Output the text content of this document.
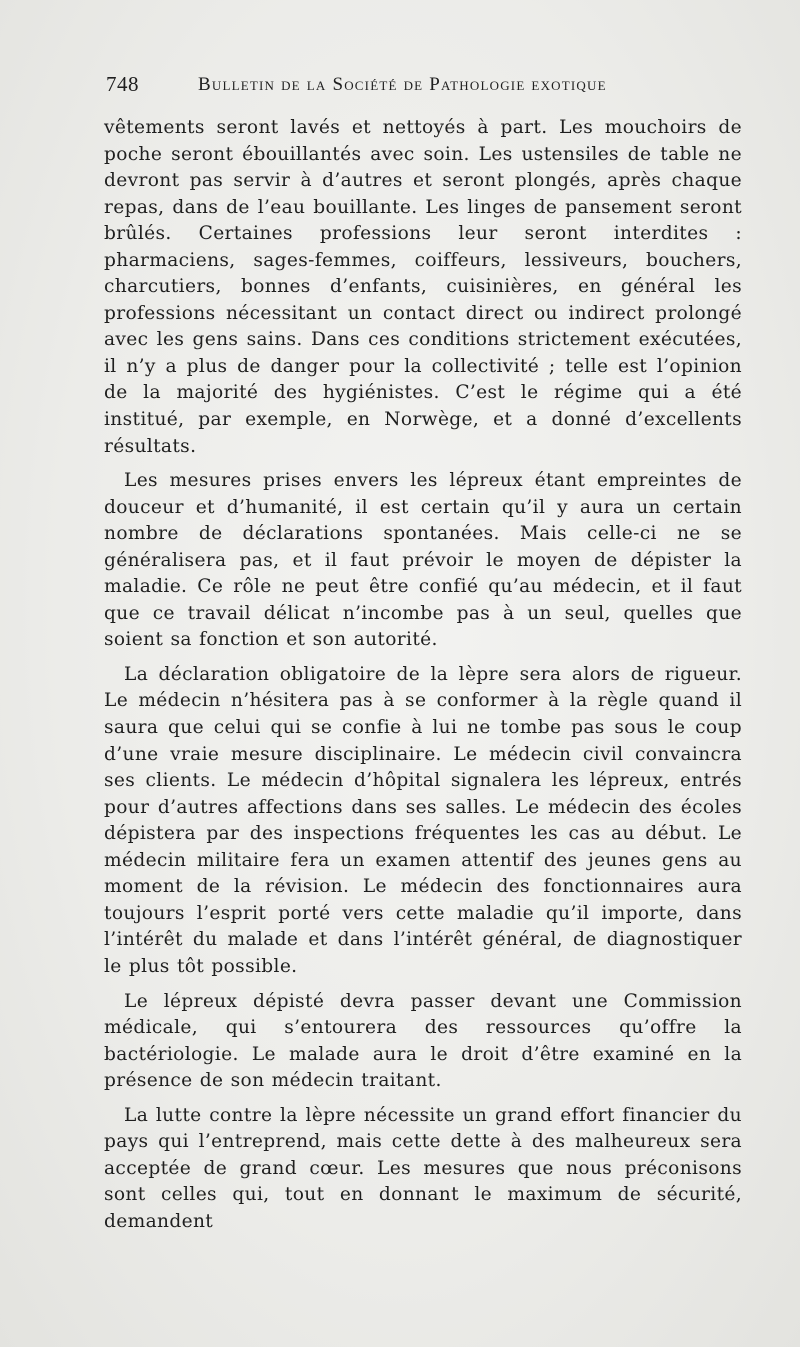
748	Bulletin de la Société de Pathologie exotique

vêtements seront lavés et nettoyés à part. Les mouchoirs de poche seront ébouillantés avec soin. Les ustensiles de table ne devront pas servir à d’autres et seront plongés, après chaque repas, dans de l’eau bouillante. Les linges de pansement seront brûlés. Certaines professions leur seront interdites : pharmaciens, sages-femmes, coiffeurs, lessiveurs, bouchers, charcutiers, bonnes d’enfants, cuisinières, en général les professions nécessitant un contact direct ou indirect prolongé avec les gens sains. Dans ces conditions strictement exécutées, il n’y a plus de danger pour la collectivité ; telle est l’opinion de la majorité des hygiénistes. C’est le régime qui a été institué, par exemple, en Norwège, et a donné d’excellents résultats.

Les mesures prises envers les lépreux étant empreintes de douceur et d’humanité, il est certain qu’il y aura un certain nombre de déclarations spontanées. Mais celle-ci ne se généralisera pas, et il faut prévoir le moyen de dépister la maladie. Ce rôle ne peut être confié qu’au médecin, et il faut que ce travail délicat n’incombe pas à un seul, quelles que soient sa fonction et son autorité.

La déclaration obligatoire de la lèpre sera alors de rigueur. Le médecin n’hésitera pas à se conformer à la règle quand il saura que celui qui se confie à lui ne tombe pas sous le coup d’une vraie mesure disciplinaire. Le médecin civil convaincra ses clients. Le médecin d’hôpital signalera les lépreux, entrés pour d’autres affections dans ses salles. Le médecin des écoles dépistera par des inspections fréquentes les cas au début. Le médecin militaire fera un examen attentif des jeunes gens au moment de la révision. Le médecin des fonctionnaires aura toujours l’esprit porté vers cette maladie qu’il importe, dans l’intérêt du malade et dans l’intérêt général, de diagnostiquer le plus tôt possible.

Le lépreux dépisté devra passer devant une Commission médicale, qui s’entourera des ressources qu’offre la bactériologie. Le malade aura le droit d’être examiné en la présence de son médecin traitant.

La lutte contre la lèpre nécessite un grand effort financier du pays qui l’entreprend, mais cette dette à des malheureux sera acceptée de grand cœur. Les mesures que nous préconisons sont celles qui, tout en donnant le maximum de sécurité, demandent
